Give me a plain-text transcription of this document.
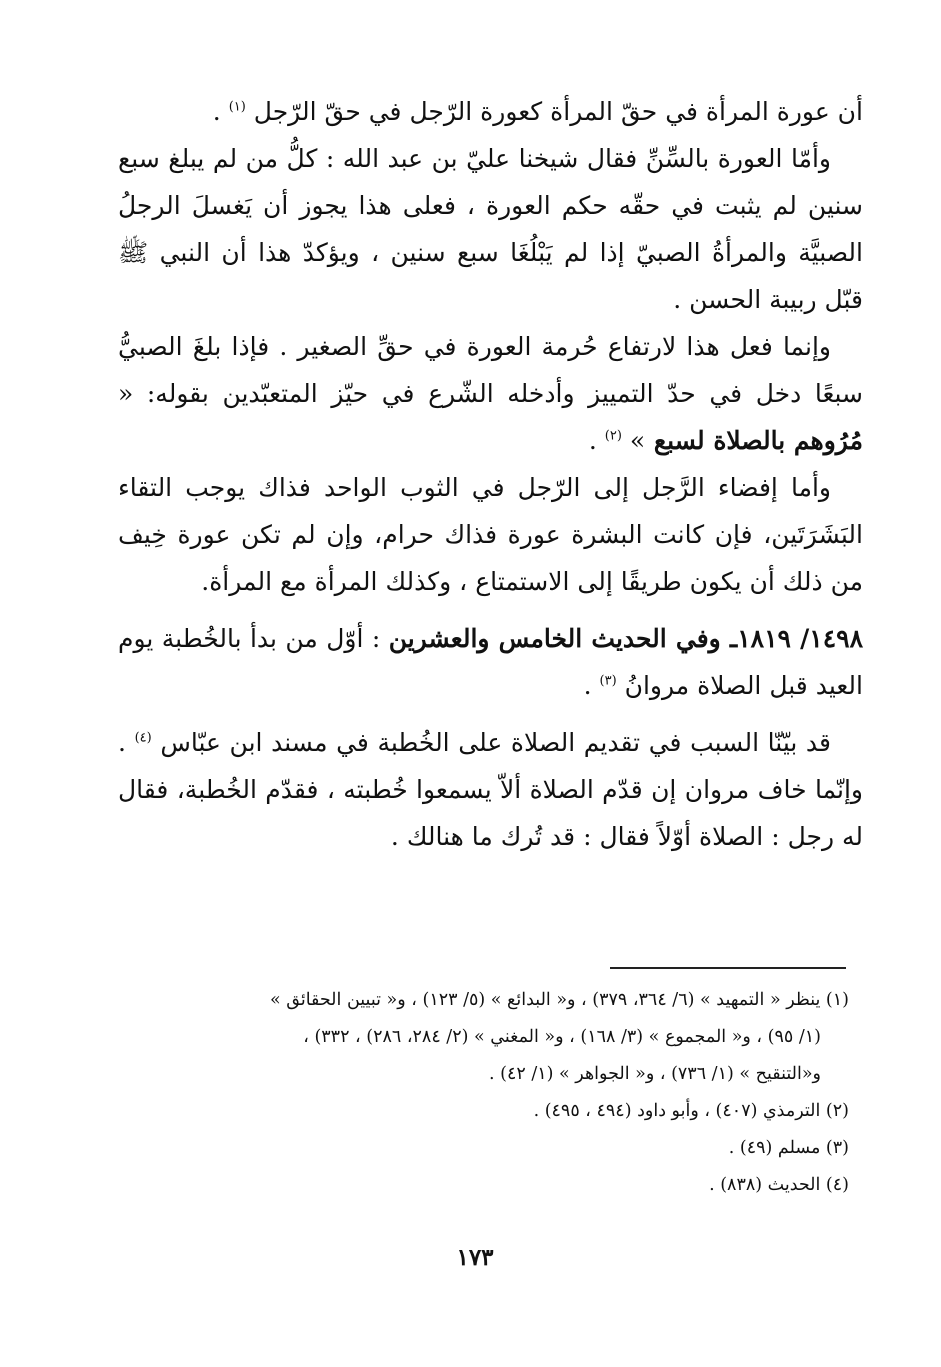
أن عورة المرأة في حقّ المرأة كعورة الرّجل في حقّ الرّجل $^{(١)}$ .

وأمّا العورة بالسِّنِّ فقال شيخنا عليّ بن عبد الله : كلُّ من لم يبلغ سبع سنين لم يثبت في حقّه حكم العورة ، فعلى هذا يجوز أن يَغسلَ الرجلُ الصبيَّة والمرأةُ الصبيّ إذا لم يَبْلُغَا سبع سنين ، ويؤكدّ هذا أن النبي ﷺ قبّل ربيبة الحسن .

وإنما فعل هذا لارتفاع حُرمة العورة في حقِّ الصغير . فإذا بلغَ الصبيُّ سبعًا دخل في حدّ التمييز وأدخله الشّرع في حيّز المتعبّدين بقوله: « مُرُوهم بالصلاة لسبع » $^{(٢)}$ .

وأما إفضاء الرَّجل إلى الرّجل في الثوب الواحد فذاك يوجب التقاء البَشَرَتَين، فإن كانت البشرة عورة فذاك حرام، وإن لم تكن عورة خِيف من ذلك أن يكون طريقًا إلى الاستمتاع ، وكذلك المرأة مع المرأة.

١٤٩٨/ ١٨١٩ـ وفي الحديث الخامس والعشرين : أوّل من بدأ بالخُطبة يوم العيد قبل الصلاة مروانُ $^{(٣)}$ .

قد بيّنّا السبب في تقديم الصلاة على الخُطبة في مسند ابن عبّاس $^{(٤)}$ . وإنّما خاف مروان إن قدّم الصلاة ألاّ يسمعوا خُطبته ، فقدّم الخُطبة، فقال له رجل : الصلاة أوّلاً فقال : قد تُرك ما هنالك .

(١) ينظر « التمهيد » (٦/ ٣٦٤، ٣٧٩) ، و« البدائع » (٥/ ١٢٣) ، و« تبيين الحقائق »

(١/ ٩٥) ، و« المجموع » (٣/ ١٦٨) ، و« المغني » (٢/ ٢٨٤، ٢٨٦) ، ٣٣٢) ،

و«التنقيح » (١/ ٧٣٦) ، و« الجواهر » (١/ ٤٢) .

(٢) الترمذي (٤٠٧) ، وأبو داود (٤٩٤ ، ٤٩٥) .

(٣) مسلم (٤٩) .

(٤) الحديث (٨٣٨) .

١٧٣
